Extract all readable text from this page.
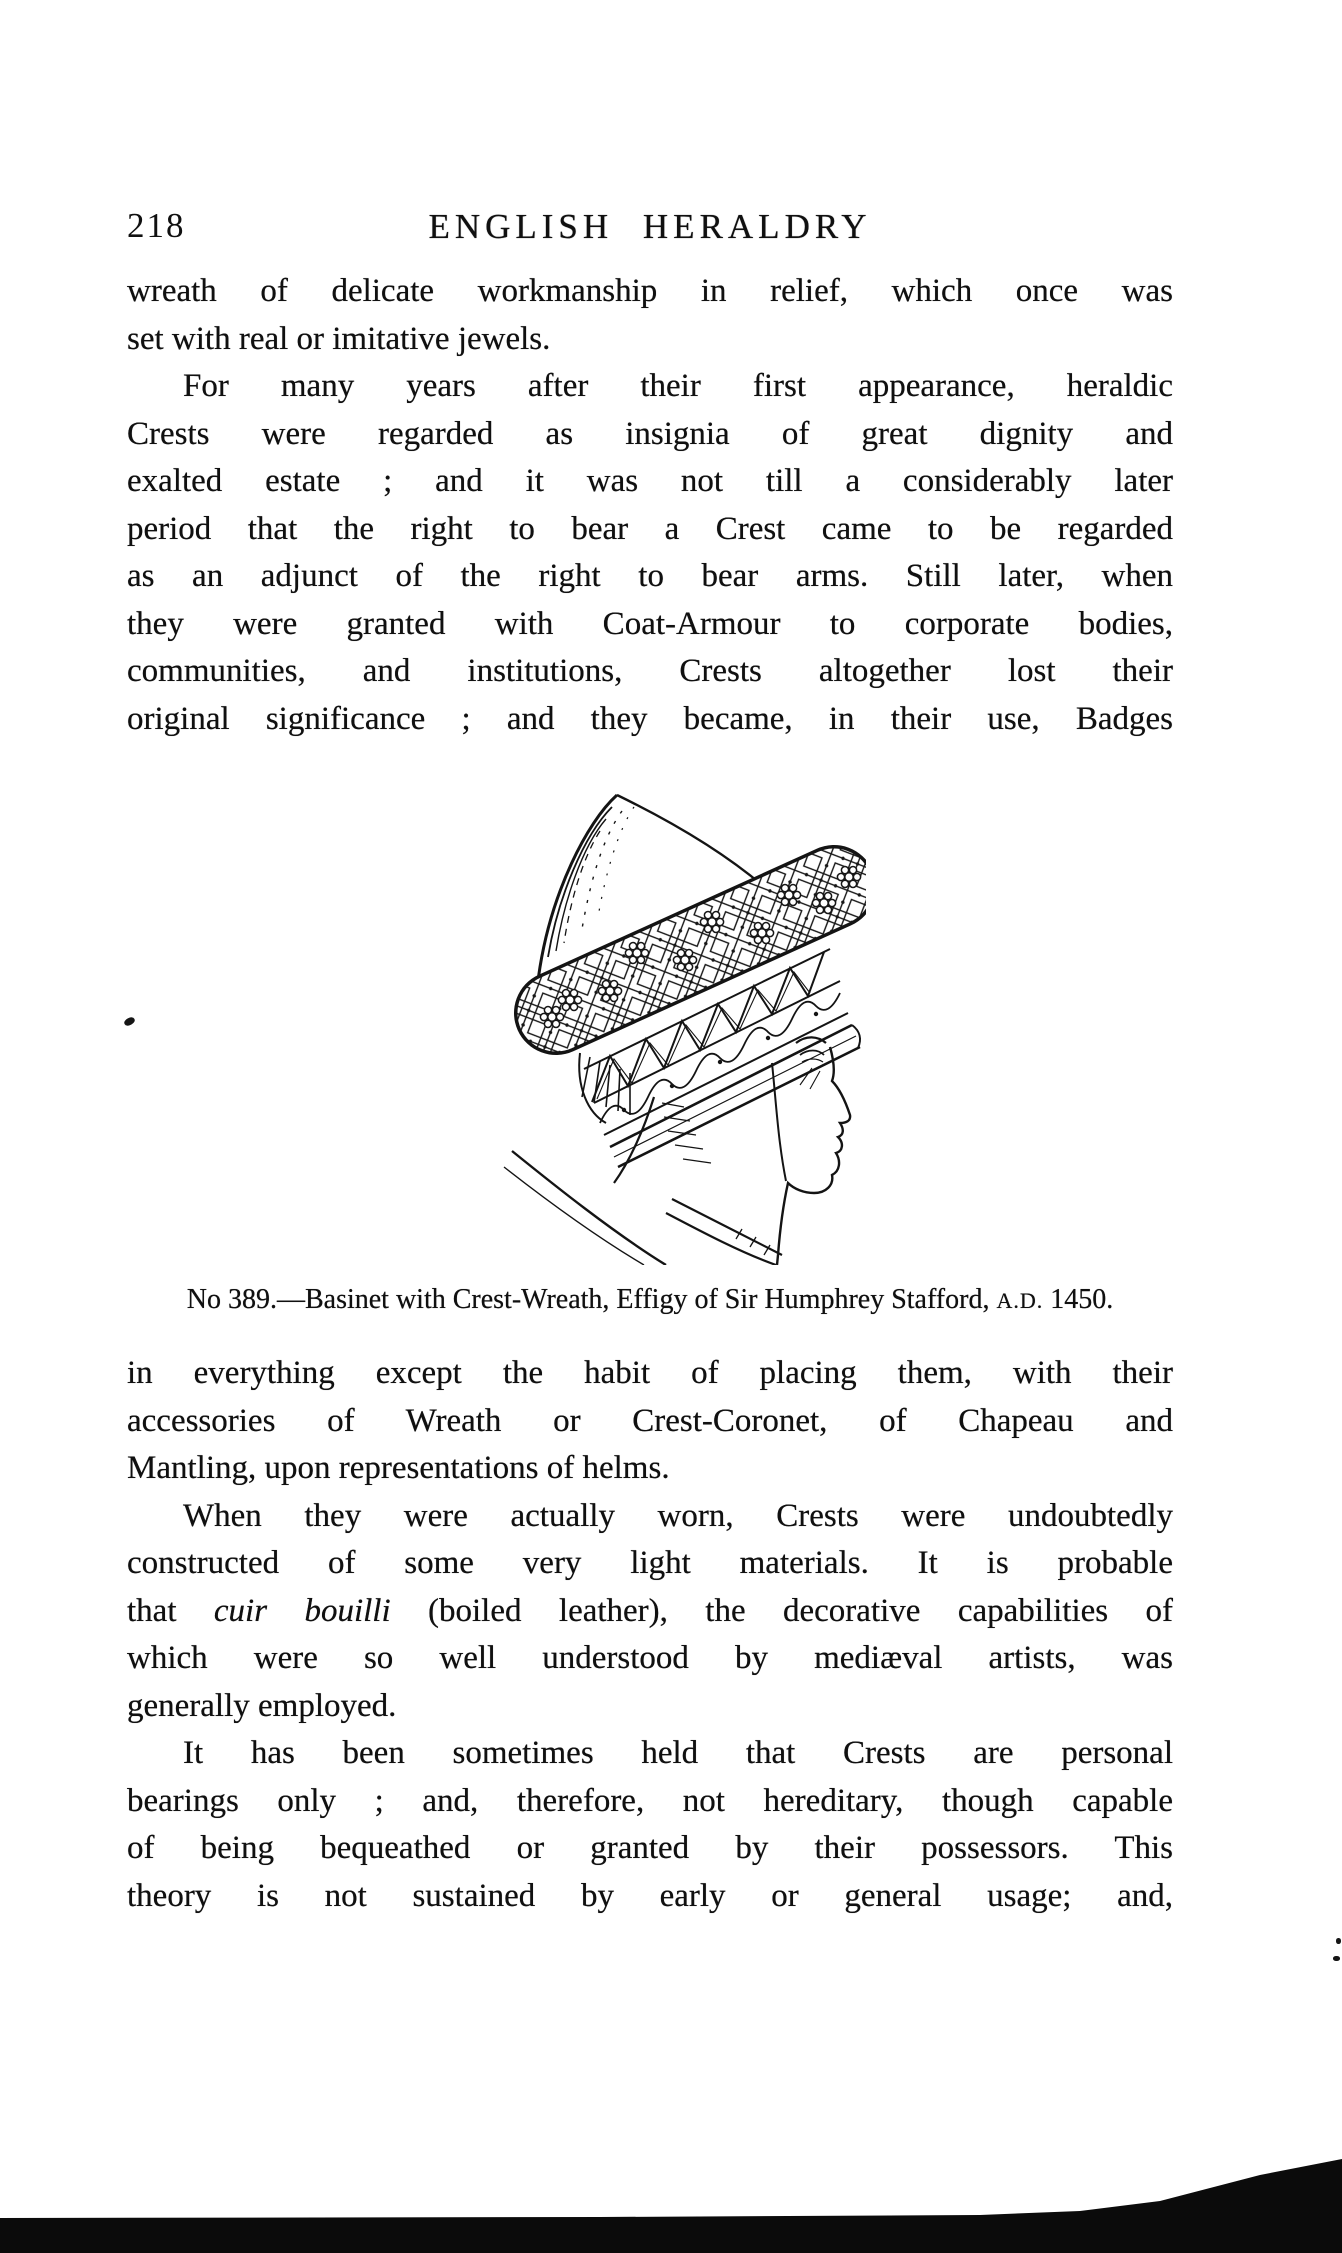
218	ENGLISH HERALDRY
wreath of delicate workmanship in relief, which once was
set with real or imitative jewels.
For many years after their first appearance, heraldic
Crests were regarded as insignia of great dignity and
exalted estate ; and it was not till a considerably later
period that the right to bear a Crest came to be regarded
as an adjunct of the right to bear arms. Still later, when
they were granted with Coat-Armour to corporate bodies,
communities, and institutions, Crests altogether lost their
original significance ; and they became, in their use, Badges
No 389.—Basinet with Crest-Wreath, Effigy of Sir Humphrey Stafford, A.D. 1450.
in everything except the habit of placing them, with their
accessories of Wreath or Crest-Coronet, of Chapeau and
Mantling, upon representations of helms.
When they were actually worn, Crests were undoubtedly
constructed of some very light materials. It is probable
that cuir bouilli (boiled leather), the decorative capabilities of
which were so well understood by mediæval artists, was
generally employed.
It has been sometimes held that Crests are personal
bearings only ; and, therefore, not hereditary, though capable
of being bequeathed or granted by their possessors. This
theory is not sustained by early or general usage; and,
